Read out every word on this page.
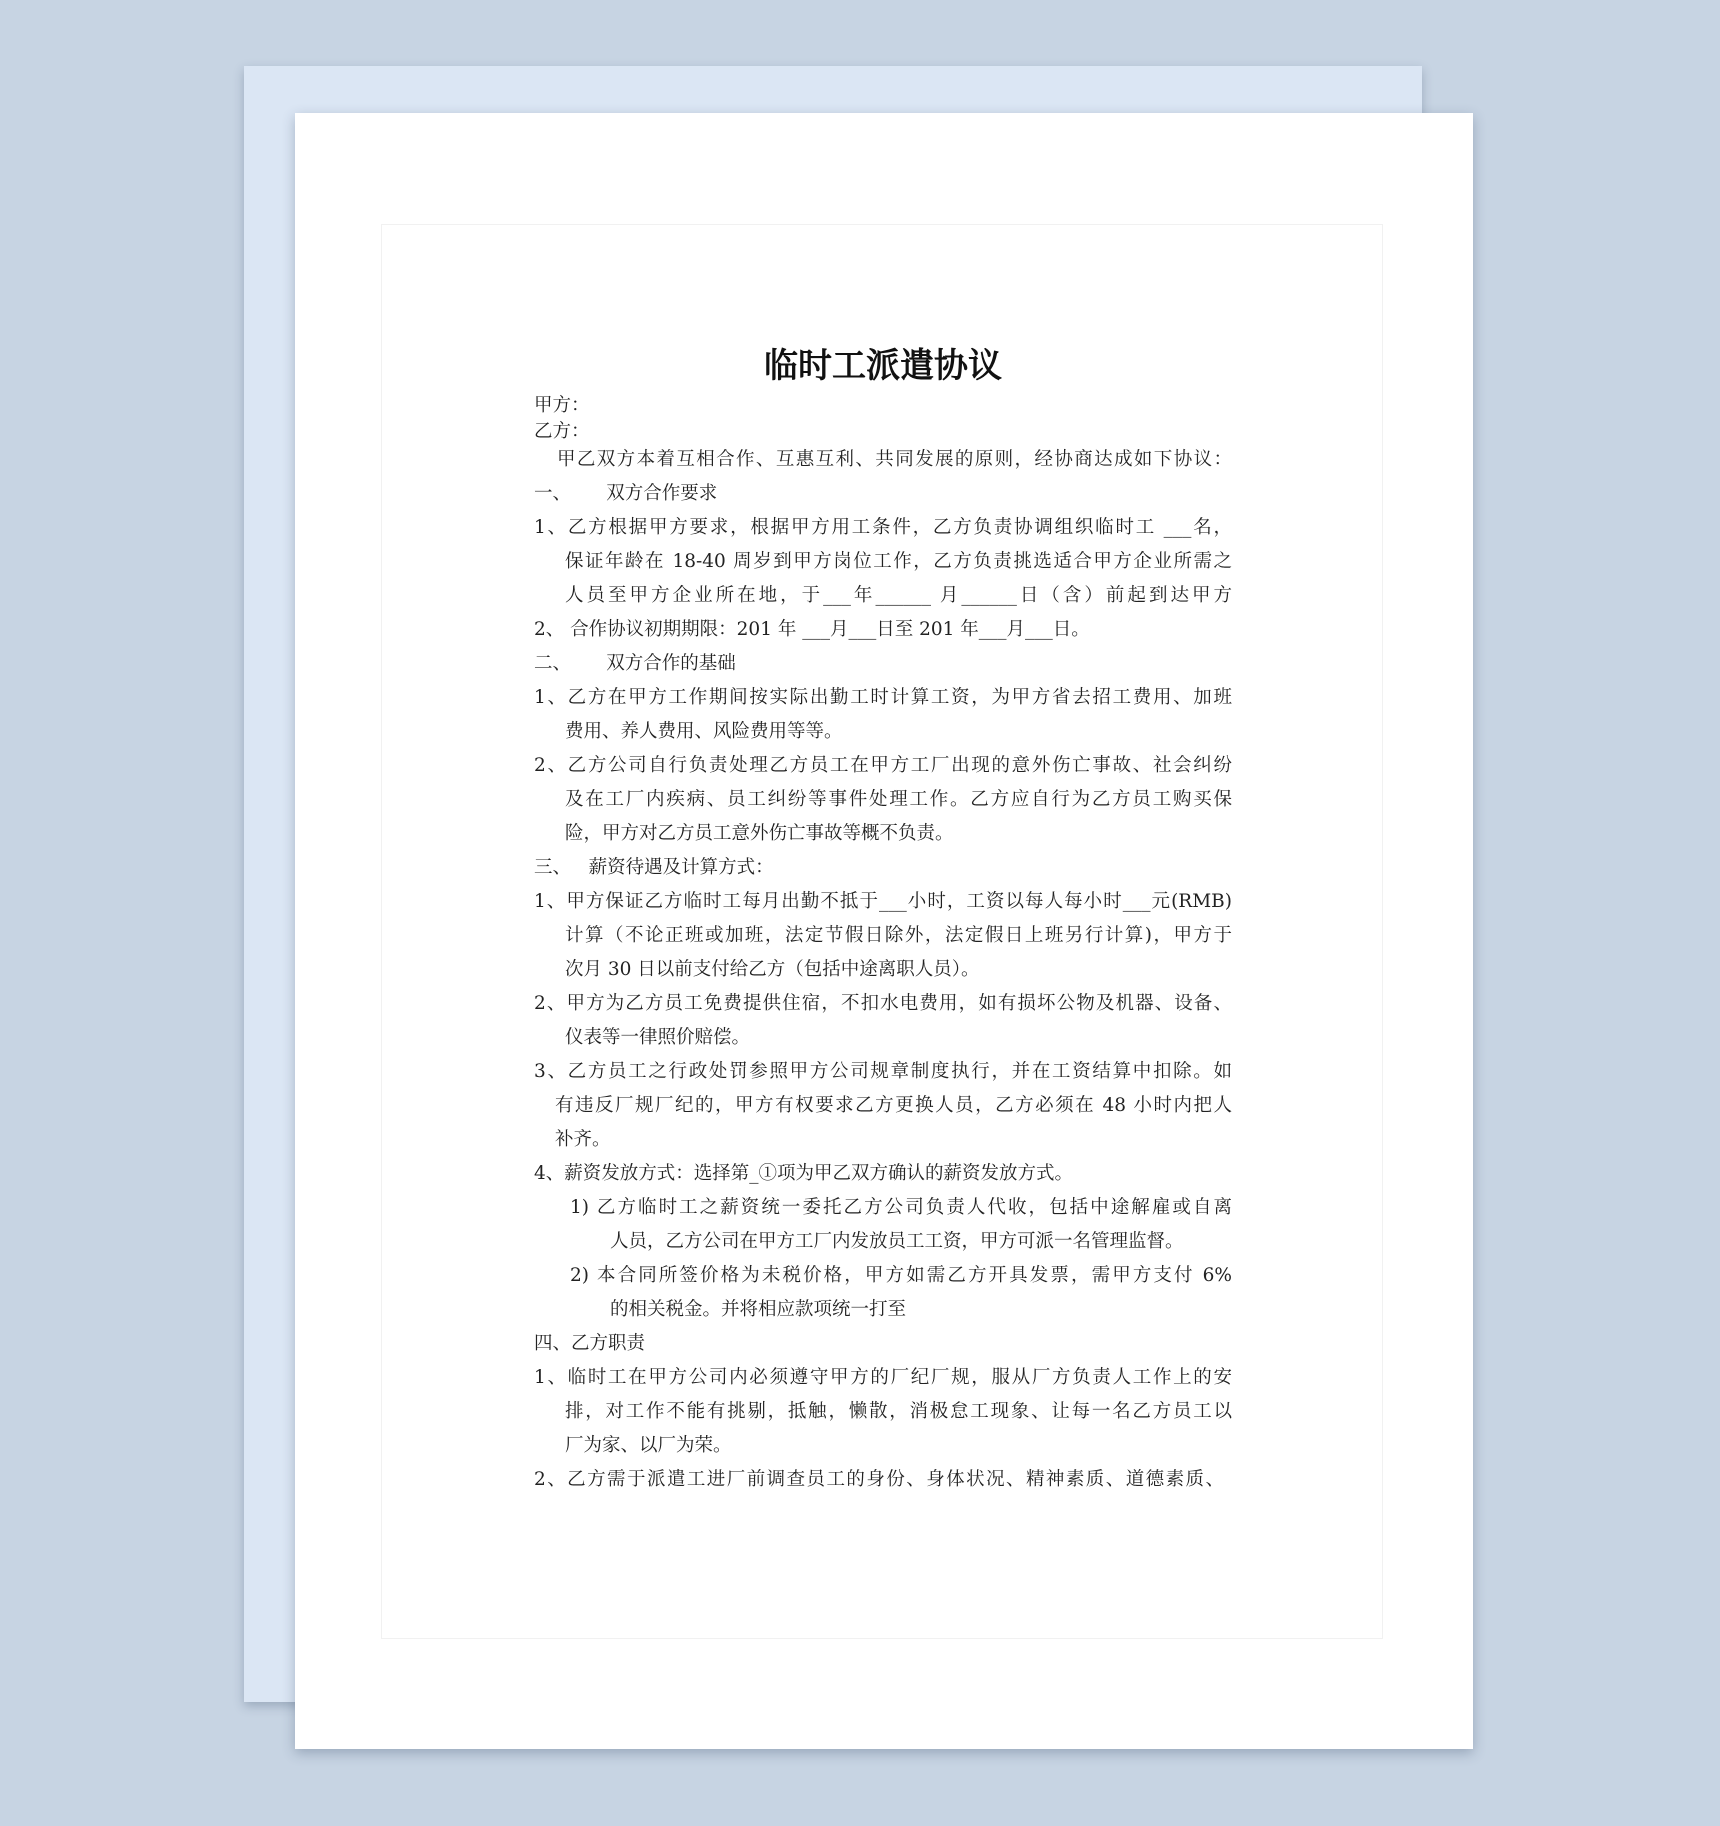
临时工派遣协议
甲方：
乙方：
甲乙双方本着互相合作、互惠互利、共同发展的原则，经协商达成如下协议：
一、      双方合作要求
1、乙方根据甲方要求，根据甲方用工条件，乙方负责协调组织临时工 ___名，
保证年龄在 18-40 周岁到甲方岗位工作，乙方负责挑选适合甲方企业所需之
人员至甲方企业所在地，于___年______ 月______日（含）前起到达甲方
2、 合作协议初期期限：201 年 ___月___日至 201 年___月___日。
二、      双方合作的基础
1、乙方在甲方工作期间按实际出勤工时计算工资，为甲方省去招工费用、加班
费用、养人费用、风险费用等等。
2、乙方公司自行负责处理乙方员工在甲方工厂出现的意外伤亡事故、社会纠纷
及在工厂内疾病、员工纠纷等事件处理工作。乙方应自行为乙方员工购买保
险，甲方对乙方员工意外伤亡事故等概不负责。
三、   薪资待遇及计算方式：
1、甲方保证乙方临时工每月出勤不抵于___小时，工资以每人每小时___元(RMB)
计算（不论正班或加班，法定节假日除外，法定假日上班另行计算)，甲方于
次月 30 日以前支付给乙方（包括中途离职人员）。
2、甲方为乙方员工免费提供住宿，不扣水电费用，如有损坏公物及机器、设备、
仪表等一律照价赔偿。
3、乙方员工之行政处罚参照甲方公司规章制度执行，并在工资结算中扣除。如
有违反厂规厂纪的，甲方有权要求乙方更换人员，乙方必须在 48 小时内把人
补齐。
4、薪资发放方式：选择第_①项为甲乙双方确认的薪资发放方式。
1) 乙方临时工之薪资统一委托乙方公司负责人代收，包括中途解雇或自离
人员，乙方公司在甲方工厂内发放员工工资，甲方可派一名管理监督。
2) 本合同所签价格为未税价格，甲方如需乙方开具发票，需甲方支付 6%
的相关税金。并将相应款项统一打至
四、乙方职责
1、临时工在甲方公司内必须遵守甲方的厂纪厂规，服从厂方负责人工作上的安
排，对工作不能有挑剔，抵触，懒散，消极怠工现象、让每一名乙方员工以
厂为家、以厂为荣。
2、乙方需于派遣工进厂前调查员工的身份、身体状况、精神素质、道德素质、
